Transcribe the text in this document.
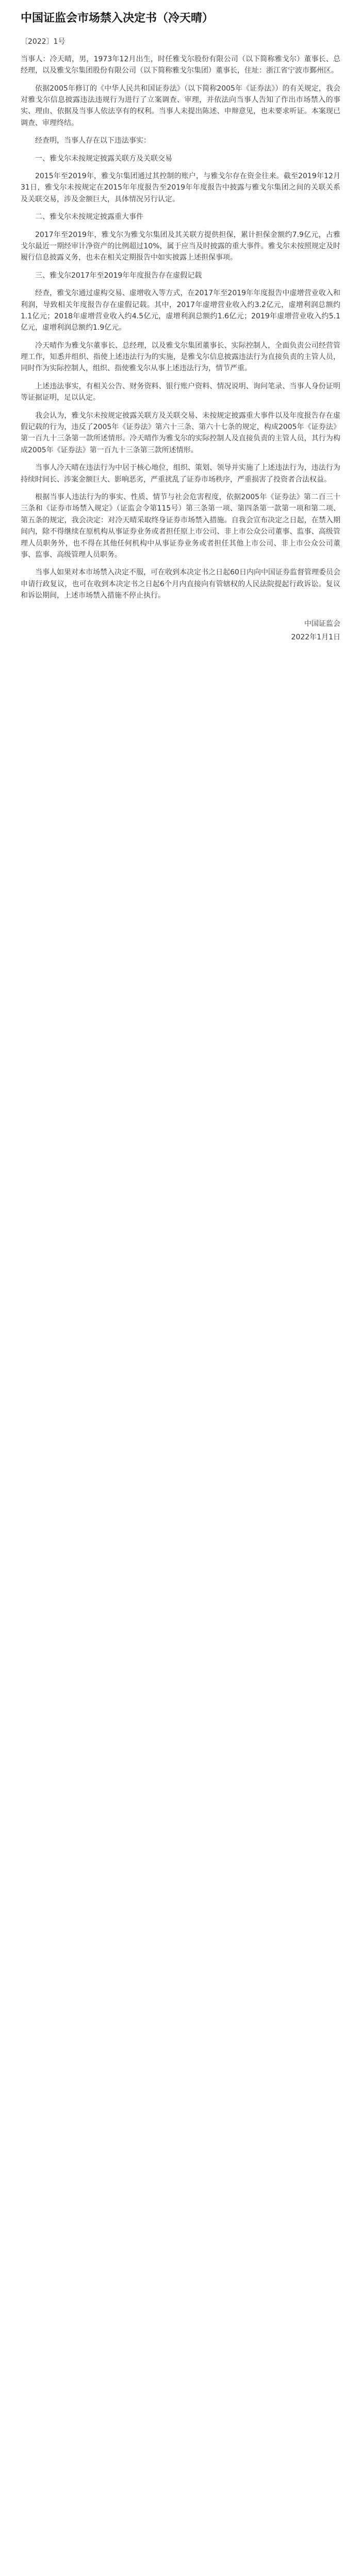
中国证监会市场禁入决定书（冷天晴）
〔2022〕1号

当事人：冷天晴，男，1973年12月出生，时任雅戈尔股份有限公司（以下简称雅戈尔）董事长、总经理，以及雅戈尔集团股份有限公司（以下简称雅戈尔集团）董事长，住址：浙江省宁波市鄞州区。

依据2005年修订的《中华人民共和国证券法》（以下简称2005年《证券法》）的有关规定，我会对雅戈尔信息披露违法违规行为进行了立案调查、审理，并依法向当事人告知了作出市场禁入的事实、理由、依据及当事人依法享有的权利。当事人未提出陈述、申辩意见，也未要求听证。本案现已调查、审理终结。

经查明，当事人存在以下违法事实：

一、雅戈尔未按规定披露关联方及关联交易

2015年至2019年，雅戈尔集团通过其控制的账户，与雅戈尔存在资金往来。截至2019年12月31日，雅戈尔未按规定在2015年年度报告至2019年年度报告中披露与雅戈尔集团之间的关联关系及关联交易，涉及金额巨大，具体情况另行认定。

二、雅戈尔未按规定披露重大事件

2017年至2019年，雅戈尔为雅戈尔集团及其关联方提供担保，累计担保金额约7.9亿元，占雅戈尔最近一期经审计净资产的比例超过10%，属于应当及时披露的重大事件。雅戈尔未按照规定及时履行信息披露义务，也未在相关定期报告中如实披露上述担保事项。

三、雅戈尔2017年至2019年年度报告存在虚假记载

经查，雅戈尔通过虚构交易、虚增收入等方式，在2017年至2019年年度报告中虚增营业收入和利润，导致相关年度报告存在虚假记载。其中，2017年虚增营业收入约3.2亿元，虚增利润总额约1.1亿元；2018年虚增营业收入约4.5亿元，虚增利润总额约1.6亿元；2019年虚增营业收入约5.1亿元，虚增利润总额约1.9亿元。

冷天晴作为雅戈尔董事长、总经理，以及雅戈尔集团董事长、实际控制人，全面负责公司经营管理工作，知悉并组织、指使上述违法行为的实施，是雅戈尔信息披露违法行为直接负责的主管人员，同时作为实际控制人，组织、指使雅戈尔从事上述违法行为，情节严重。

上述违法事实，有相关公告、财务资料、银行账户资料、情况说明、询问笔录、当事人身份证明等证据证明，足以认定。

我会认为，雅戈尔未按规定披露关联方及关联交易、未按规定披露重大事件以及年度报告存在虚假记载的行为，违反了2005年《证券法》第六十三条、第六十七条的规定，构成2005年《证券法》第一百九十三条第一款所述情形。冷天晴作为雅戈尔的实际控制人及直接负责的主管人员，其行为构成2005年《证券法》第一百九十三条第三款所述情形。

当事人冷天晴在违法行为中居于核心地位，组织、策划、领导并实施了上述违法行为，违法行为持续时间长、涉案金额巨大、影响恶劣，严重扰乱了证券市场秩序，严重损害了投资者合法权益。

根据当事人违法行为的事实、性质、情节与社会危害程度，依据2005年《证券法》第二百三十三条和《证券市场禁入规定》（证监会令第115号）第三条第一项、第四条第一款第一项和第二项、第五条的规定，我会决定：对冷天晴采取终身证券市场禁入措施。自我会宣布决定之日起，在禁入期间内，除不得继续在原机构从事证券业务或者担任原上市公司、非上市公众公司董事、监事、高级管理人员职务外，也不得在其他任何机构中从事证券业务或者担任其他上市公司、非上市公众公司董事、监事、高级管理人员职务。

当事人如果对本市场禁入决定不服，可在收到本决定书之日起60日内向中国证券监督管理委员会申请行政复议，也可在收到本决定书之日起6个月内直接向有管辖权的人民法院提起行政诉讼。复议和诉讼期间，上述市场禁入措施不停止执行。

中国证监会
2022年1月1日
